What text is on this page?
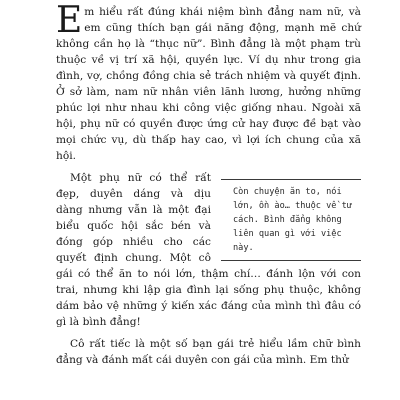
Em hiểu rất đúng khái niệm bình đẳng nam nữ, và em cũng thích bạn gái năng động, mạnh mẽ chứ không cần họ là “thục nữ”. Bình đẳng là một phạm trù thuộc về vị trí xã hội, quyền lực. Ví dụ như trong gia đình, vợ, chồng đồng chia sẻ trách nhiệm và quyết định. Ở sở làm, nam nữ nhân viên lãnh lương, hưởng những phúc lợi như nhau khi công việc giống nhau. Ngoài xã hội, phụ nữ có quyền được ứng cử hay được đề bạt vào mọi chức vụ, dù thấp hay cao, vì lợi ích chung của xã hội.

Còn chuyện ăn to, nói lớn, ồn ào… thuộc về tư cách. Bình đẳng không liên quan gì với việc này.

Một phụ nữ có thể rất đẹp, duyên dáng và dịu dàng nhưng vẫn là một đại biểu quốc hội sắc bén và đóng góp nhiều cho các quyết định chung. Một cô gái có thể ăn to nói lớn, thậm chí… đánh lộn với con trai, nhưng khi lập gia đình lại sống phụ thuộc, không dám bảo vệ những ý kiến xác đáng của mình thì đâu có gì là bình đẳng!

Cô rất tiếc là một số bạn gái trẻ hiểu lầm chữ bình đẳng và đánh mất cái duyên con gái của mình. Em thử
